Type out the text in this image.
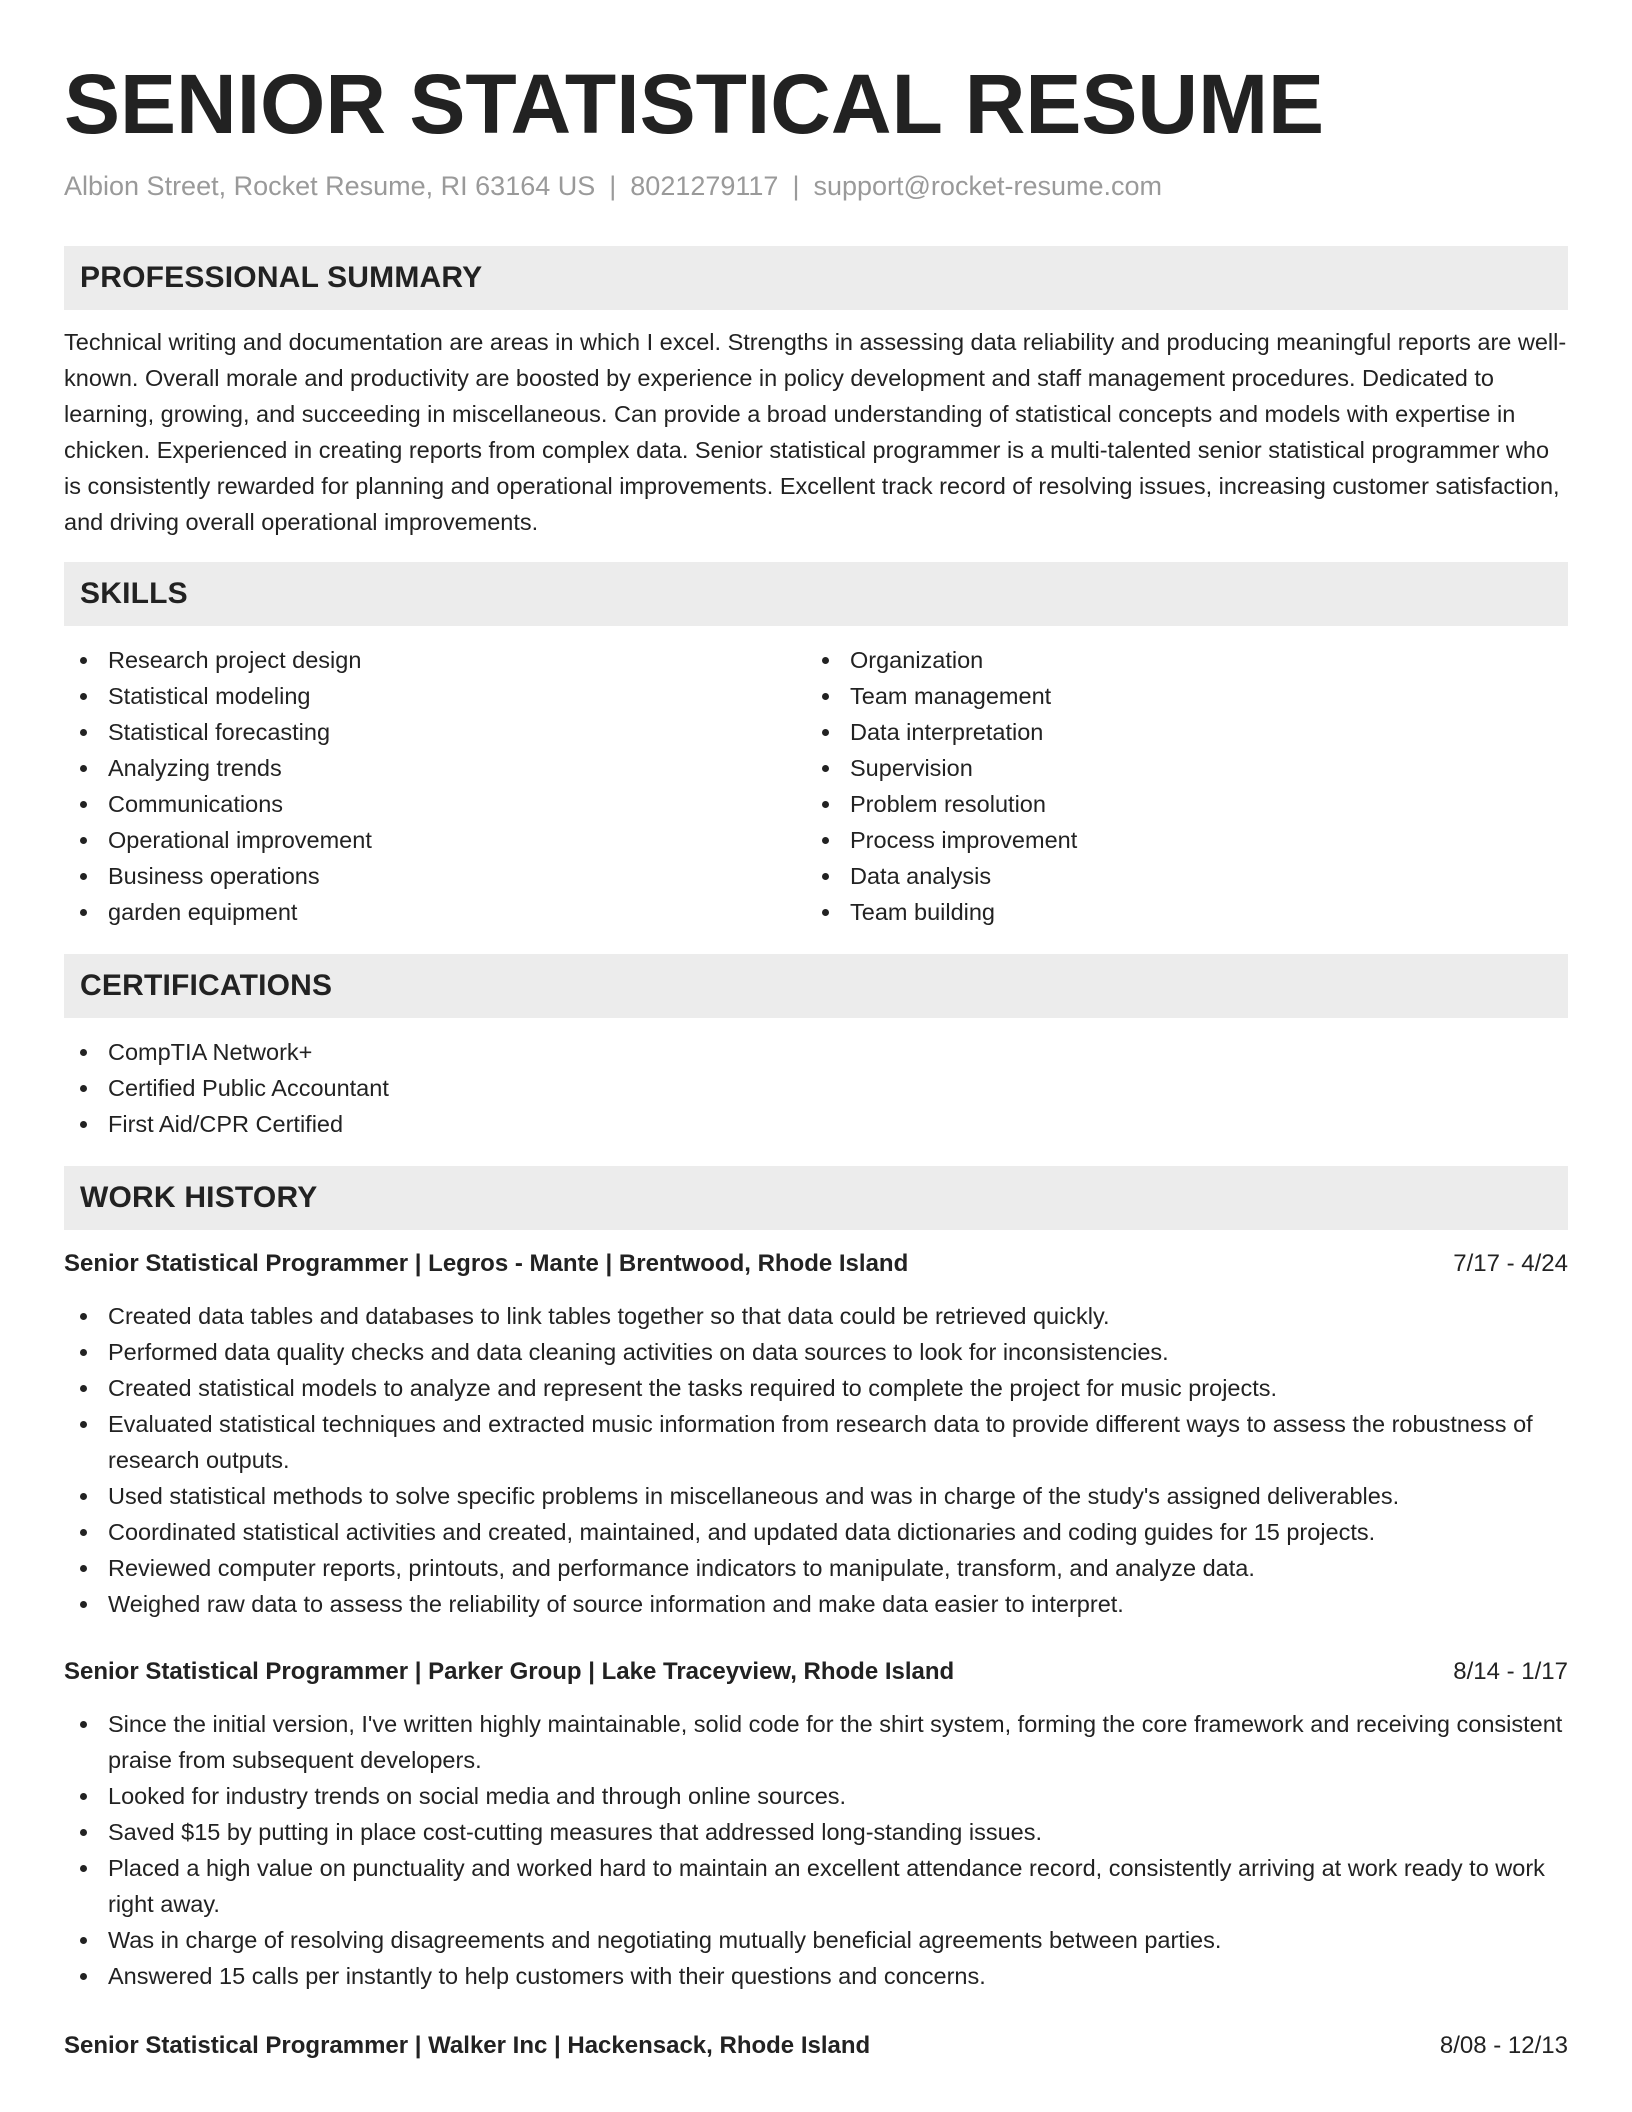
SENIOR STATISTICAL RESUME
Albion Street, Rocket Resume, RI 63164 US | 8021279117 | support@rocket-resume.com
PROFESSIONAL SUMMARY

Technical writing and documentation are areas in which I excel. Strengths in assessing data reliability and producing meaningful reports are well-known. Overall morale and productivity are boosted by experience in policy development and staff management procedures. Dedicated to learning, growing, and succeeding in miscellaneous. Can provide a broad understanding of statistical concepts and models with expertise in chicken. Experienced in creating reports from complex data. Senior statistical programmer is a multi-talented senior statistical programmer who is consistently rewarded for planning and operational improvements. Excellent track record of resolving issues, increasing customer satisfaction, and driving overall operational improvements.

SKILLS
Research project design
Statistical modeling
Statistical forecasting
Analyzing trends
Communications
Operational improvement
Business operations
garden equipment
Organization
Team management
Data interpretation
Supervision
Problem resolution
Process improvement
Data analysis
Team building
CERTIFICATIONS
CompTIA Network+
Certified Public Accountant
First Aid/CPR Certified
WORK HISTORY
Senior Statistical Programmer | Legros - Mante | Brentwood, Rhode Island	7/17 - 4/24
Created data tables and databases to link tables together so that data could be retrieved quickly.
Performed data quality checks and data cleaning activities on data sources to look for inconsistencies.
Created statistical models to analyze and represent the tasks required to complete the project for music projects.
Evaluated statistical techniques and extracted music information from research data to provide different ways to assess the robustness of research outputs.
Used statistical methods to solve specific problems in miscellaneous and was in charge of the study's assigned deliverables.
Coordinated statistical activities and created, maintained, and updated data dictionaries and coding guides for 15 projects.
Reviewed computer reports, printouts, and performance indicators to manipulate, transform, and analyze data.
Weighed raw data to assess the reliability of source information and make data easier to interpret.
Senior Statistical Programmer | Parker Group | Lake Traceyview, Rhode Island	8/14 - 1/17
Since the initial version, I've written highly maintainable, solid code for the shirt system, forming the core framework and receiving consistent praise from subsequent developers.
Looked for industry trends on social media and through online sources.
Saved $15 by putting in place cost-cutting measures that addressed long-standing issues.
Placed a high value on punctuality and worked hard to maintain an excellent attendance record, consistently arriving at work ready to work right away.
Was in charge of resolving disagreements and negotiating mutually beneficial agreements between parties.
Answered 15 calls per instantly to help customers with their questions and concerns.
Senior Statistical Programmer | Walker Inc | Hackensack, Rhode Island	8/08 - 12/13
